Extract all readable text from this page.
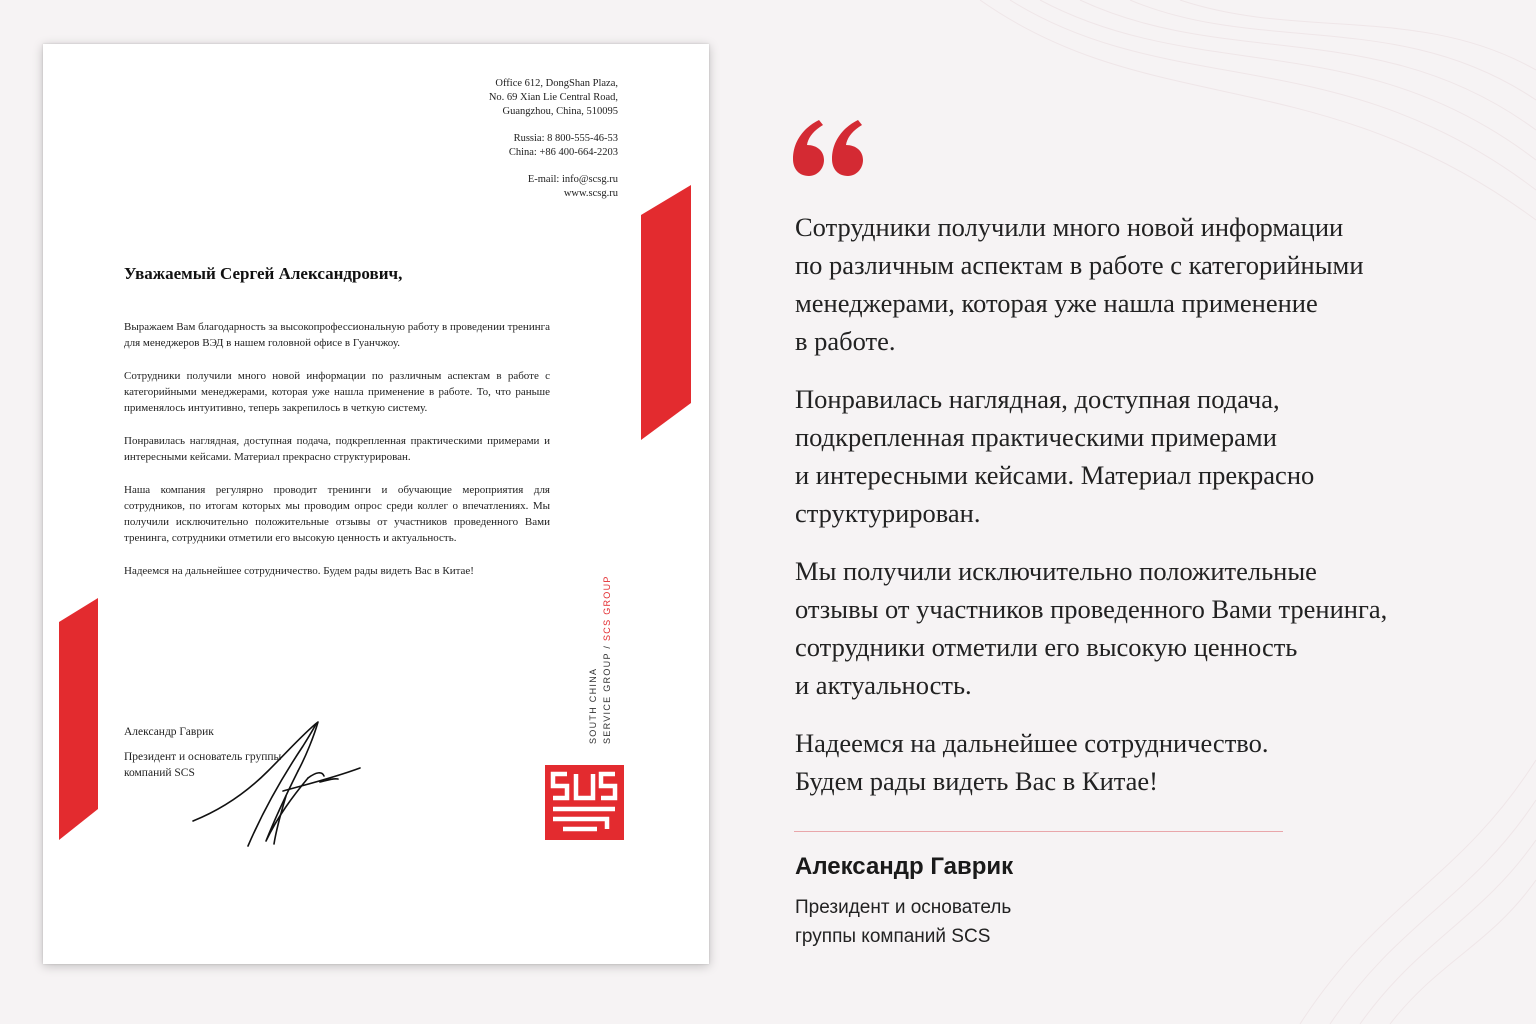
Office 612, DongShan Plaza,
No. 69 Xian Lie Central Road,
Guangzhou, China, 510095
Russia: 8 800-555-46-53
China: +86 400-664-2203
E-mail: info@scsg.ru
www.scsg.ru
Уважаемый Сергей Александрович,

Выражаем Вам благодарность за высокопрофессиональную работу в проведении тренинга для менеджеров ВЭД в нашем головной офисе в Гуанчжоу.

Сотрудники получили много новой информации по различным аспектам в работе с категорийными менеджерами, которая уже нашла применение в работе. То, что раньше применялось интуитивно, теперь закрепилось в четкую систему.

Понравилась наглядная, доступная подача, подкрепленная практическими примерами и интересными кейсами. Материал прекрасно структурирован.

Наша компания регулярно проводит тренинги и обучающие мероприятия для сотрудников, по итогам которых мы проводим опрос среди коллег о впечатлениях. Мы получили исключительно положительные отзывы от участников проведенного Вами тренинга, сотрудники отметили его высокую ценность и актуальность.

Надеемся на дальнейшее сотрудничество. Будем рады видеть Вас в Китае!

Александр Гаврик
Президент и основатель группы компаний SCS
SOUTH CHINA SERVICE GROUP / SCS GROUP

Сотрудники получили много новой информации
по различным аспектам в работе с категорийными
менеджерами, которая уже нашла применение
в работе.

Понравилась наглядная, доступная подача,
подкрепленная практическими примерами
и интересными кейсами. Материал прекрасно
структурирован.

Мы получили исключительно положительные
отзывы от участников проведенного Вами тренинга,
сотрудники отметили его высокую ценность
и актуальность.

Надеемся на дальнейшее сотрудничество.
Будем рады видеть Вас в Китае!

Александр Гаврик
Президент и основатель
группы компаний SCS
